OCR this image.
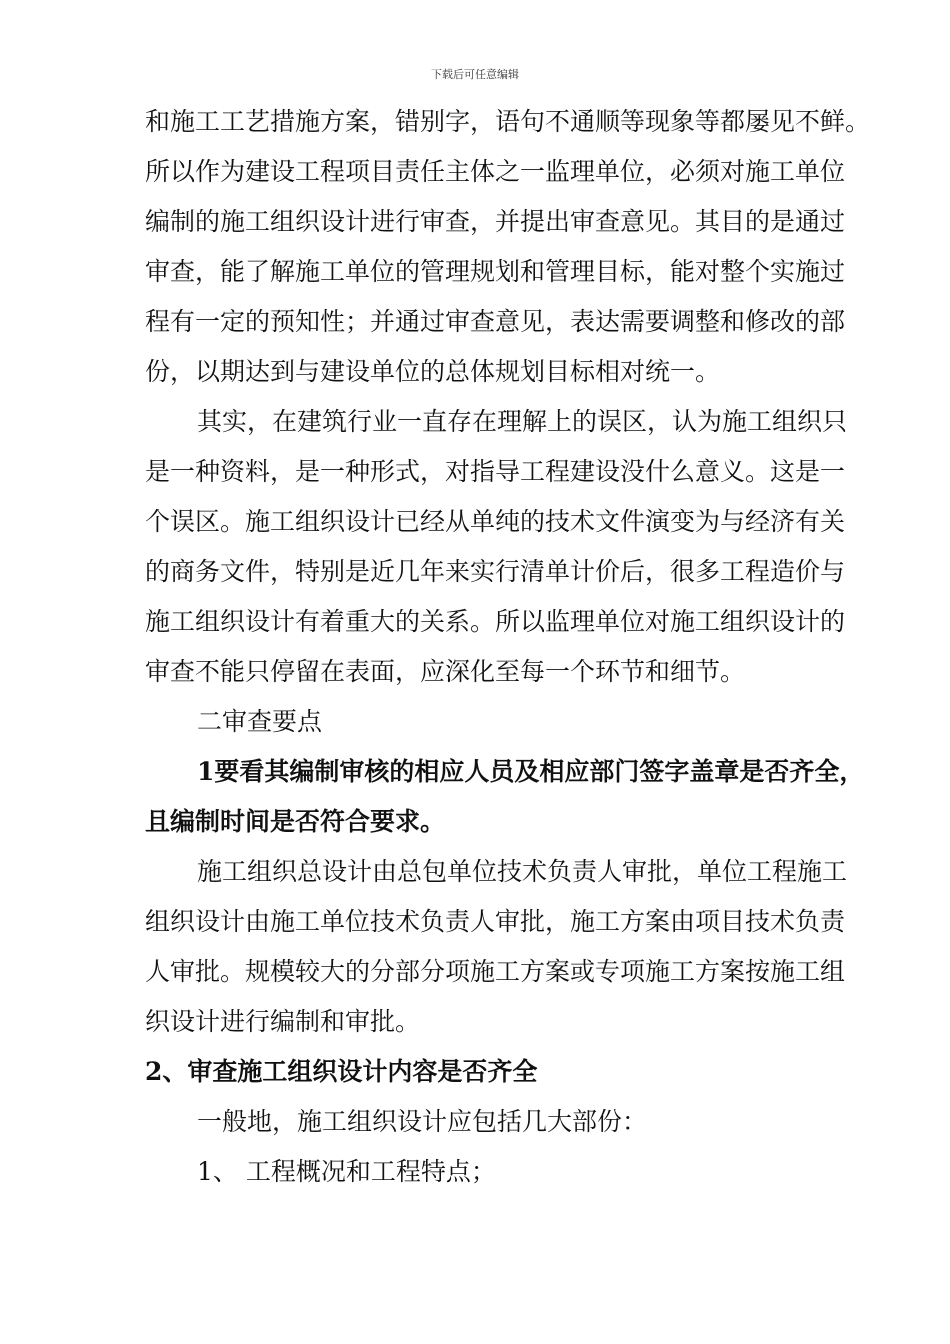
下载后可任意编辑
和施工工艺措施方案，错别字，语句不通顺等现象等都屡见不鲜。
所以作为建设工程项目责任主体之一监理单位，必须对施工单位
编制的施工组织设计进行审查，并提出审查意见。其目的是通过
审查，能了解施工单位的管理规划和管理目标，能对整个实施过
程有一定的预知性；并通过审查意见，表达需要调整和修改的部
份，以期达到与建设单位的总体规划目标相对统一。
其实，在建筑行业一直存在理解上的误区，认为施工组织只
是一种资料，是一种形式，对指导工程建设没什么意义。这是一
个误区。施工组织设计已经从单纯的技术文件演变为与经济有关
的商务文件，特别是近几年来实行清单计价后，很多工程造价与
施工组织设计有着重大的关系。所以监理单位对施工组织设计的
审查不能只停留在表面，应深化至每一个环节和细节。
二审查要点
1要看其编制审核的相应人员及相应部门签字盖章是否齐全，
且编制时间是否符合要求。
施工组织总设计由总包单位技术负责人审批，单位工程施工
组织设计由施工单位技术负责人审批，施工方案由项目技术负责
人审批。规模较大的分部分项施工方案或专项施工方案按施工组
织设计进行编制和审批。
2、审查施工组织设计内容是否齐全
一般地，施工组织设计应包括几大部份：
1、 工程概况和工程特点；
